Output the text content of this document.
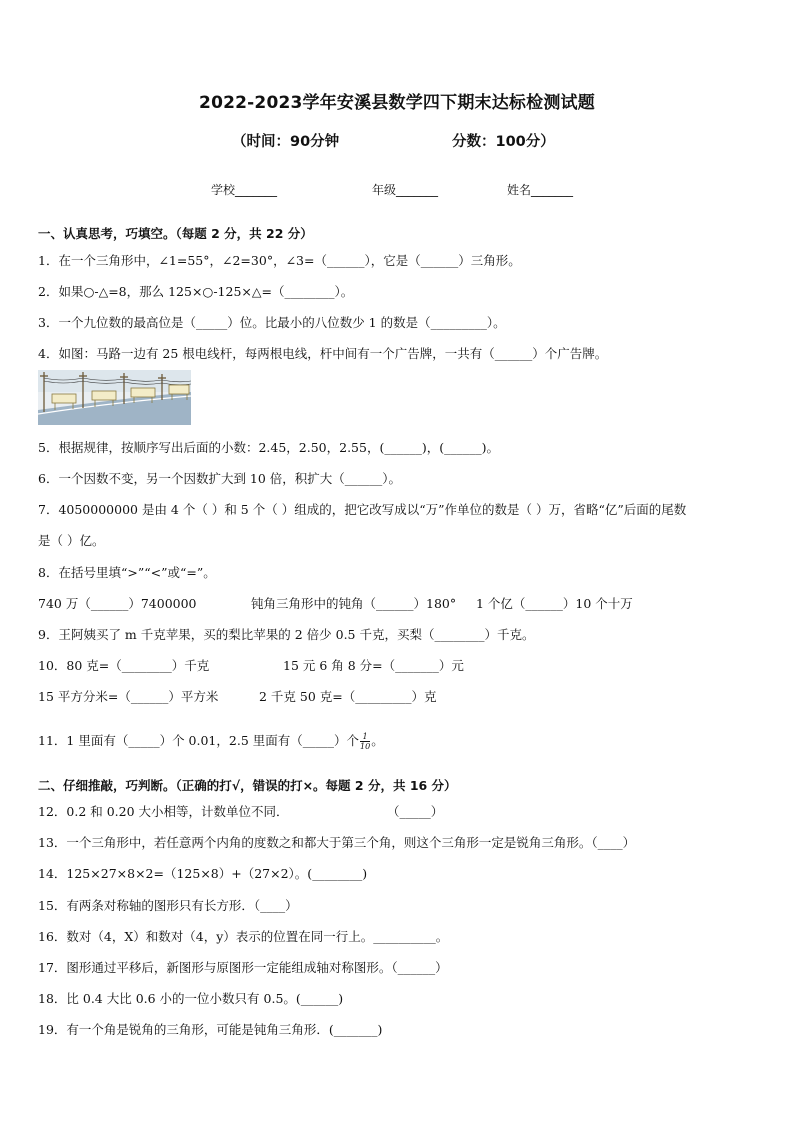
2022-2023学年安溪县数学四下期末达标检测试题
（时间：90分钟	分数：100分）
学校_______	年级_______	姓名_______
一、认真思考，巧填空。（每题 2 分，共 22 分）
1．在一个三角形中，∠1=55°，∠2=30°，∠3=（______），它是（______）三角形。
2．如果○-△=8，那么 125×○-125×△=（________）。
3．一个九位数的最高位是（_____）位。比最小的八位数少 1 的数是（_________）。
4．如图：马路一边有 25 根电线杆，每两根电线，杆中间有一个广告牌，一共有（______）个广告牌。
5．根据规律，按顺序写出后面的小数：2.45，2.50，2.55，(______)，(______)。
6．一个因数不变，另一个因数扩大到 10 倍，积扩大（______）。
7．4050000000 是由 4 个（ ）和 5 个（ ）组成的，把它改写成以“万”作单位的数是（ ）万，省略“亿”后面的尾数
是（ ）亿。
8．在括号里填“>”“<”或“=”。
740 万（______）7400000	钝角三角形中的钝角（______）180° 1 个亿（______）10 个十万
9．王阿姨买了 m 千克苹果，买的梨比苹果的 2 倍少 0.5 千克，买梨（________）千克。
10．80 克=（________）千克	15 元 6 角 8 分=（_______）元
15 平方分米=（______）平方米	2 千克 50 克=（_________）克
11．1 里面有（_____）个 0.01，2.5 里面有（_____）个 $\frac{1}{10}$ 。
二、仔细推敲，巧判断。（正确的打√，错误的打×。每题 2 分，共 16 分）
12．0.2 和 0.20 大小相等，计数单位不同．	（_____）
13．一个三角形中，若任意两个内角的度数之和都大于第三个角，则这个三角形一定是锐角三角形。（____）
14．125×27×8×2=（125×8）+（27×2）。(________)
15．有两条对称轴的图形只有长方形．（____）
16．数对（4，X）和数对（4，y）表示的位置在同一行上。__________。
17．图形通过平移后，新图形与原图形一定能组成轴对称图形。（______）
18．比 0.4 大比 0.6 小的一位小数只有 0.5。(______)
19．有一个角是锐角的三角形，可能是钝角三角形．(_______)
